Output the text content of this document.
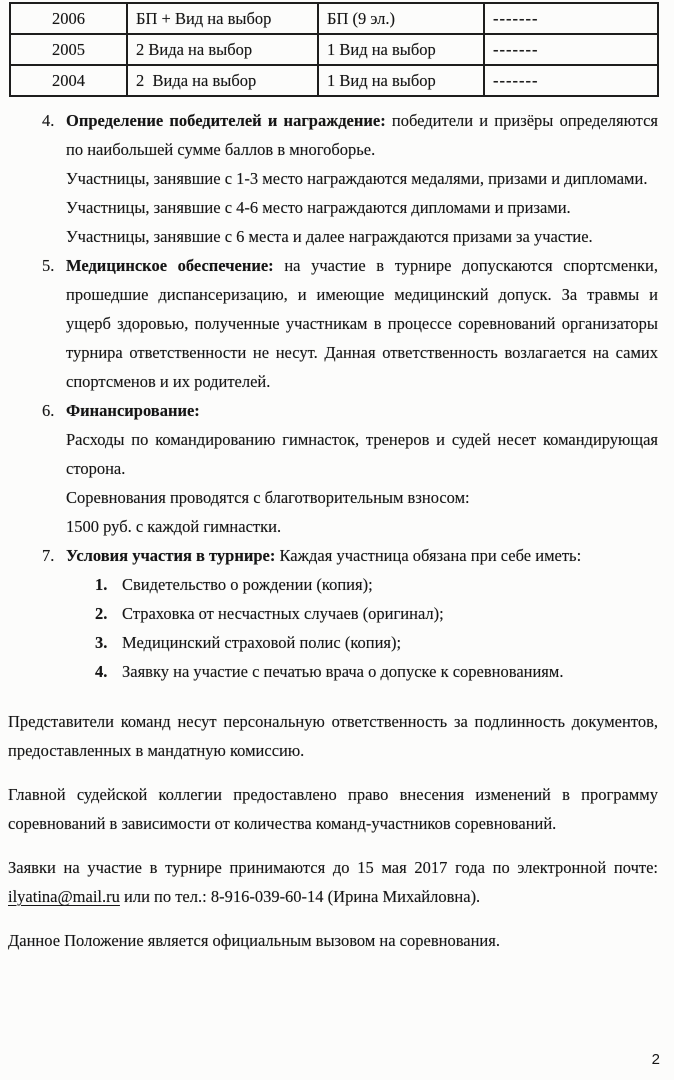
2006	БП + Вид на выбор	БП (9 эл.)	-------
2005	2 Вида на выбор	1 Вид на выбор	-------
2004	2  Вида на выбор	1 Вид на выбор	-------
4. Определение победителей и награждение: победители и призёры определяются по наибольшей сумме баллов в многоборье.

Участницы, занявшие с 1-3 место награждаются медалями, призами и дипломами.

Участницы, занявшие с 4-6 место награждаются дипломами и призами.

Участницы, занявшие с 6 места и далее награждаются призами за участие.

5. Медицинское обеспечение: на участие в турнире допускаются спортсменки, прошедшие диспансеризацию, и имеющие медицинский допуск. За травмы и ущерб здоровью, полученные участникам в процессе соревнований организаторы турнира ответственности не несут. Данная ответственность возлагается на самих спортсменов и их родителей.

6. Финансирование:

Расходы по командированию гимнасток, тренеров и судей несет командирующая сторона.

Соревнования проводятся с благотворительным взносом:

1500 руб. с каждой гимнастки.

7. Условия участия в турнире: Каждая участница обязана при себе иметь:

1. Свидетельство о рождении (копия);
2. Страховка от несчастных случаев (оригинал);
3. Медицинский страховой полис (копия);
4. Заявку на участие с печатью врача о допуске к соревнованиям.

Представители команд несут персональную ответственность за подлинность документов, предоставленных в мандатную комиссию.

Главной судейской коллегии предоставлено право внесения изменений в программу соревнований в зависимости от количества команд-участников соревнований.

Заявки на участие в турнире принимаются до 15 мая 2017 года по электронной почте: ilyatina@mail.ru или по тел.: 8-916-039-60-14 (Ирина Михайловна).

Данное Положение является официальным вызовом на соревнования.

2
